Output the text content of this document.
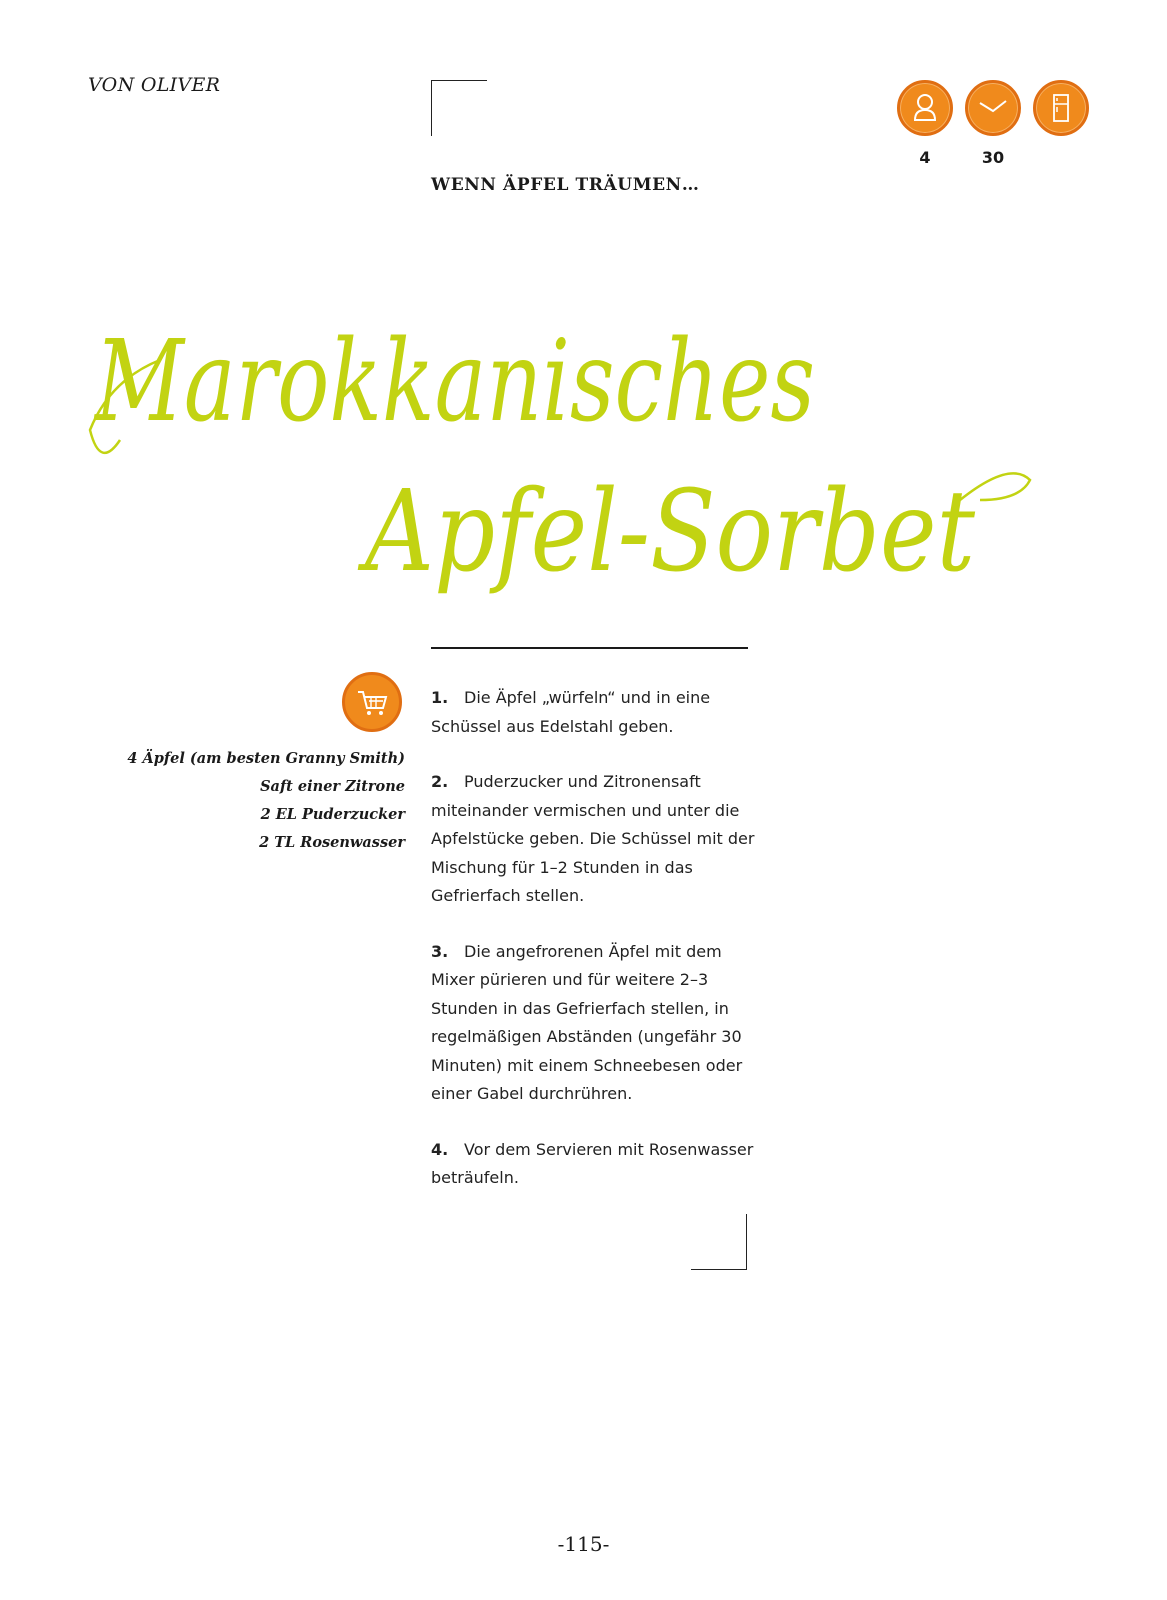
VON OLIVER
WENN ÄPFEL TRÄUMEN…
4	30
Marokkanisches
Apfel-Sorbet
4 Äpfel (am besten Granny Smith)
Saft einer Zitrone
2 EL Puderzucker
2 TL Rosenwasser
1. Die Äpfel „würfeln“ und in eine Schüssel aus Edelstahl geben.
2. Puderzucker und Zitronensaft miteinander vermischen und unter die Apfelstücke geben. Die Schüssel mit der Mischung für 1–2 Stunden in das Gefrierfach stellen.
3. Die angefrorenen Äpfel mit dem Mixer pürieren und für weitere 2–3 Stunden in das Gefrierfach stellen, in regelmäßigen Abständen (ungefähr 30 Minuten) mit einem Schneebesen oder einer Gabel durchrühren.
4. Vor dem Servieren mit Rosenwasser beträufeln.
-115-
